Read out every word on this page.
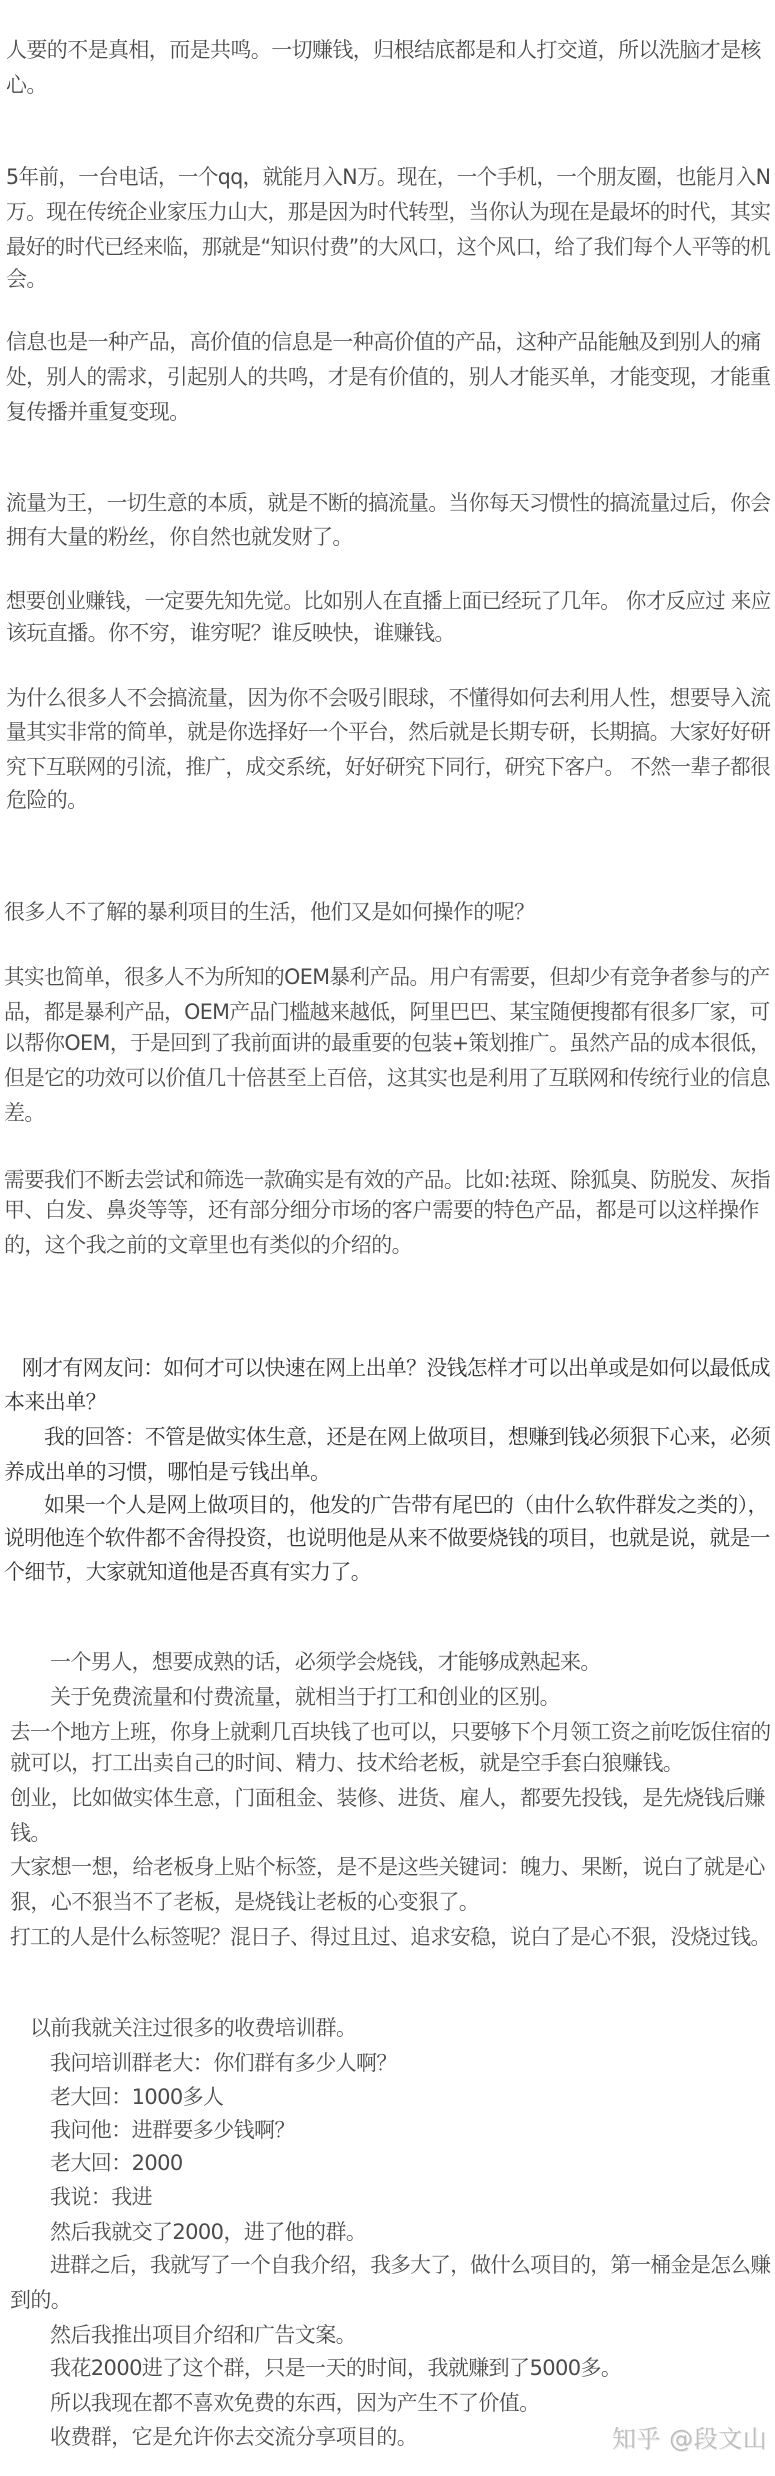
人要的不是真相，而是共鸣。一切赚钱，归根结底都是和人打交道，所以洗脑才是核
心。
5年前，一台电话，一个qq，就能月入N万。现在，一个手机，一个朋友圈，也能月入N
万。现在传统企业家压力山大，那是因为时代转型，当你认为现在是最坏的时代，其实
最好的时代已经来临，那就是“知识付费”的大风口，这个风口，给了我们每个人平等的机
会。
信息也是一种产品，高价值的信息是一种高价值的产品，这种产品能触及到别人的痛
处，别人的需求，引起别人的共鸣，才是有价值的，别人才能买单，才能变现，才能重
复传播并重复变现。
流量为王，一切生意的本质，就是不断的搞流量。当你每天习惯性的搞流量过后，你会
拥有大量的粉丝，你自然也就发财了。
想要创业赚钱，一定要先知先觉。比如别人在直播上面已经玩了几年。 你才反应过 来应
该玩直播。你不穷，谁穷呢？谁反映快，谁赚钱。
为什么很多人不会搞流量，因为你不会吸引眼球，不懂得如何去利用人性，想要导入流
量其实非常的简单，就是你选择好一个平台，然后就是长期专研，长期搞。大家好好研
究下互联网的引流，推广，成交系统，好好研究下同行，研究下客户。 不然一辈子都很
危险的。
很多人不了解的暴利项目的生活，他们又是如何操作的呢？
其实也简单，很多人不为所知的OEM暴利产品。用户有需要，但却少有竞争者参与的产
品，都是暴利产品，OEM产品门槛越来越低，阿里巴巴、某宝随便搜都有很多厂家，可
以帮你OEM，于是回到了我前面讲的最重要的包装+策划推广。虽然产品的成本很低，
但是它的功效可以价值几十倍甚至上百倍，这其实也是利用了互联网和传统行业的信息
差。
需要我们不断去尝试和筛选一款确实是有效的产品。比如:祛斑、除狐臭、防脱发、灰指
甲、白发、鼻炎等等，还有部分细分市场的客户需要的特色产品，都是可以这样操作
的，这个我之前的文章里也有类似的介绍的。
刚才有网友问：如何才可以快速在网上出单？没钱怎样才可以出单或是如何以最低成
本来出单？
我的回答：不管是做实体生意，还是在网上做项目，想赚到钱必须狠下心来，必须
养成出单的习惯，哪怕是亏钱出单。
如果一个人是网上做项目的，他发的广告带有尾巴的（由什么软件群发之类的），
说明他连个软件都不舍得投资，也说明他是从来不做要烧钱的项目，也就是说，就是一
个细节，大家就知道他是否真有实力了。
一个男人，想要成熟的话，必须学会烧钱，才能够成熟起来。
关于免费流量和付费流量，就相当于打工和创业的区别。
去一个地方上班，你身上就剩几百块钱了也可以，只要够下个月领工资之前吃饭住宿的
就可以，打工出卖自己的时间、精力、技术给老板，就是空手套白狼赚钱。
创业，比如做实体生意，门面租金、装修、进货、雇人，都要先投钱，是先烧钱后赚
钱。
大家想一想，给老板身上贴个标签，是不是这些关键词：魄力、果断，说白了就是心
狠，心不狠当不了老板，是烧钱让老板的心变狠了。
打工的人是什么标签呢？混日子、得过且过、追求安稳，说白了是心不狠，没烧过钱。
以前我就关注过很多的收费培训群。
我问培训群老大：你们群有多少人啊？
老大回：1000多人
我问他：进群要多少钱啊？
老大回：2000
我说：我进
然后我就交了2000，进了他的群。
进群之后，我就写了一个自我介绍，我多大了，做什么项目的，第一桶金是怎么赚
到的。
然后我推出项目介绍和广告文案。
我花2000进了这个群，只是一天的时间，我就赚到了5000多。
所以我现在都不喜欢免费的东西，因为产生不了价值。
收费群，它是允许你去交流分享项目的。	知乎 @段文山
